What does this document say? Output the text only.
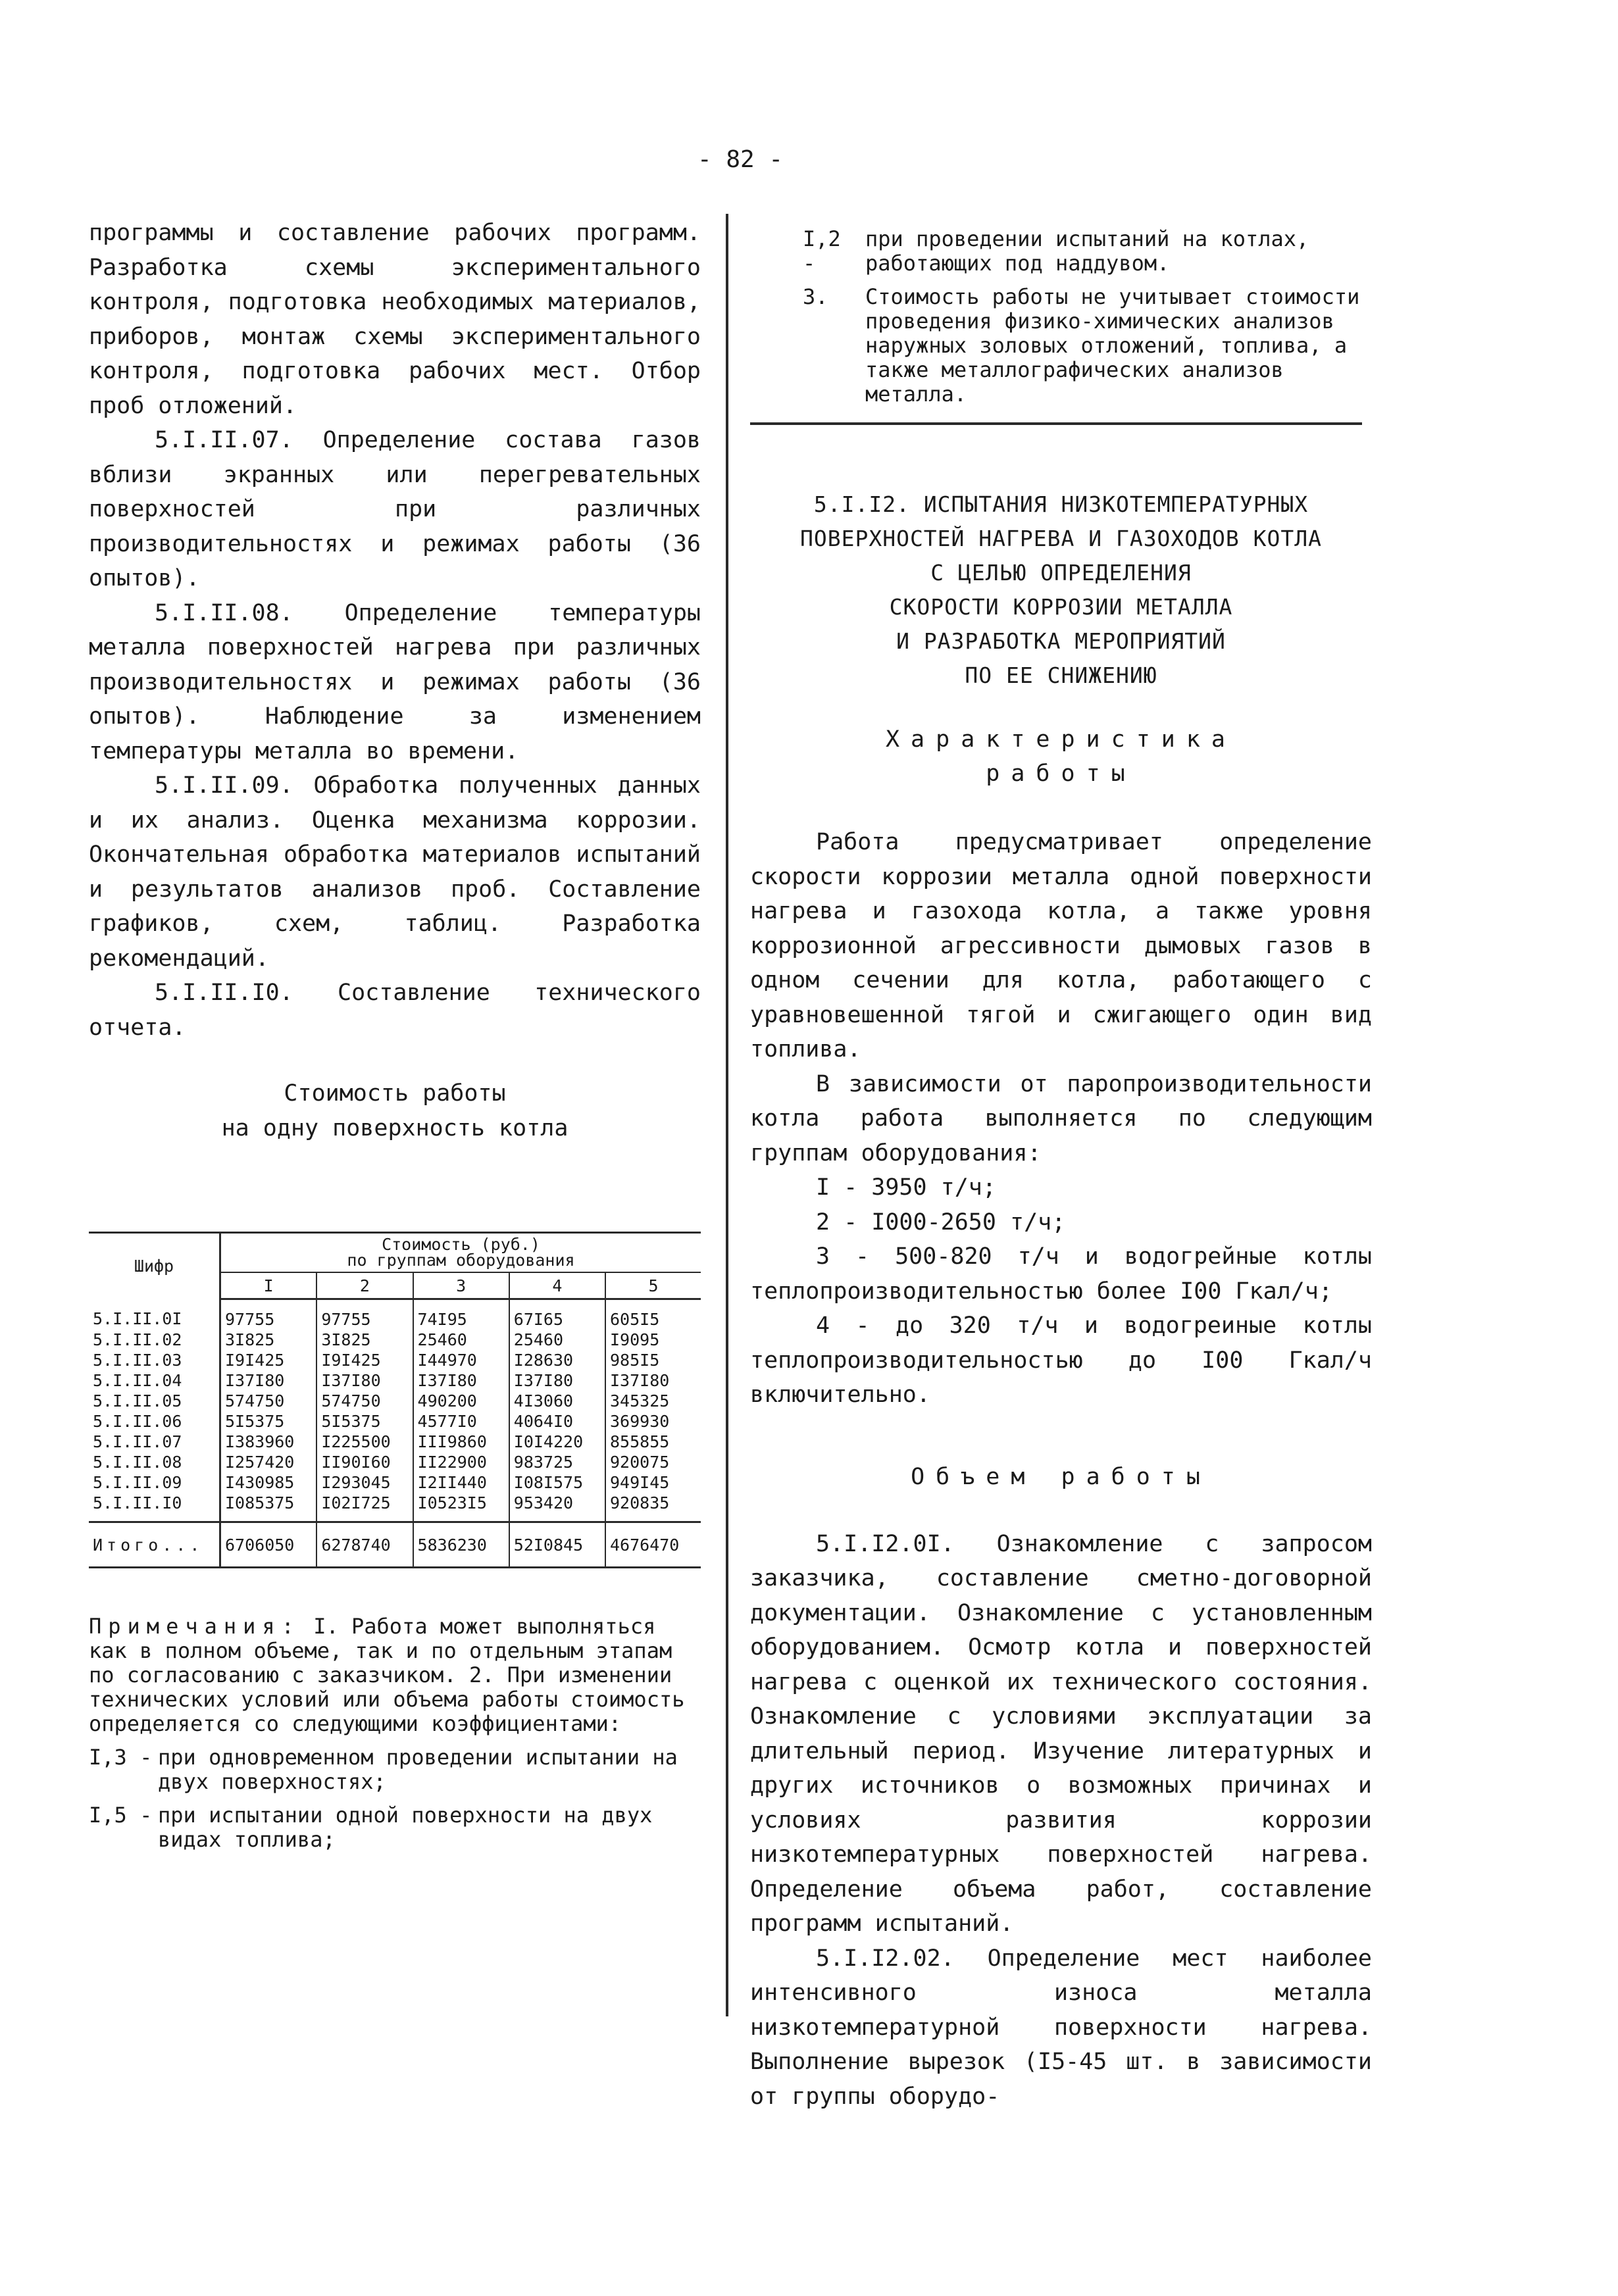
- 82 -

программы и составление рабочих программ. Разработка схемы экспериментального контроля, подготовка необходимых материалов, приборов, монтаж схемы экспериментального контроля, подготовка рабочих мест. Отбор проб отложений.

5.I.II.07. Определение состава газов вблизи экранных или перегревательных поверхностей при различных производительностях и режимах работы (36 опытов).

5.I.II.08. Определение температуры металла поверхностей нагрева при различных производительностях и режимах работы (36 опытов). Наблюдение за изменением температуры металла во времени.

5.I.II.09. Обработка полученных данных и их анализ. Оценка механизма коррозии. Окончательная обработка материалов испытаний и результатов анализов проб. Составление графиков, схем, таблиц. Разработка рекомендаций.

5.I.II.I0. Составление технического отчета.

Стоимость работы
на одну поверхность котла
Шифр	Стоимость (руб.)
по группам оборудования				

	I	2	3	4	5
5.I.II.0I	97755	97755	74I95	67I65	605I5
5.I.II.02	3I825	3I825	25460	25460	I9095
5.I.II.03	I9I425	I9I425	I44970	I28630	985I5
5.I.II.04	I37I80	I37I80	I37I80	I37I80	I37I80
5.I.II.05	574750	574750	490200	4I3060	345325
5.I.II.06	5I5375	5I5375	4577I0	4064I0	369930
5.I.II.07	I383960	I225500	III9860	I0I4220	855855
5.I.II.08	I257420	II90I60	II22900	983725	920075
5.I.II.09	I430985	I293045	I2II440	I08I575	949I45
5.I.II.I0	I085375	I02I725	I0523I5	953420	920835
Итого...	6706050	6278740	5836230	52I0845	4676470
Примечания: I. Работа может выполняться как в полном объеме, так и по отдельным этапам по согласованию с заказчиком. 2. При изменении технических условий или объема работы стоимость определяется со следующими коэффициентами:
I,3 - при одновременном проведении испытании на двух поверхностях;
I,5 - при испытании одной поверхности на двух видах топлива;
I,2 -
при проведении испытаний на котлах, работающих под наддувом.
3.	Стоимость работы не учитывает стоимости проведения физико-химических анализов наружных золовых отложений, топлива, а также металлографических анализов металла.
5.I.I2. ИСПЫТАНИЯ НИЗКОТЕМПЕРАТУРНЫХ
ПОВЕРХНОСТЕЙ НАГРЕВА И ГАЗОХОДОВ КОТЛА
С ЦЕЛЬЮ ОПРЕДЕЛЕНИЯ
СКОРОСТИ КОРРОЗИИ МЕТАЛЛА
И РАЗРАБОТКА МЕРОПРИЯТИЙ
ПО ЕЕ СНИЖЕНИЮ
Характеристика
работы

Работа предусматривает определение скорости коррозии металла одной поверхности нагрева и газохода котла, а также уровня коррозионной агрессивности дымовых газов в одном сечении для котла, работающего с уравновешенной тягой и сжигающего один вид топлива.

В зависимости от паропроизводительности котла работа выполняется по следующим группам оборудования:

I - 3950 т/ч;
2 - I000-2650 т/ч;

3 - 500-820 т/ч и водогрейные котлы теплопроизводительностью более I00 Гкал/ч;

4 - до 320 т/ч и водогреиные котлы теплопроизводительностью до I00 Гкал/ч включительно.

Объем работы

5.I.I2.0I. Ознакомление с запросом заказчика, составление сметно-договорной документации. Ознакомление с установленным оборудованием. Осмотр котла и поверхностей нагрева с оценкой их технического состояния. Ознакомление с условиями эксплуатации за длительный период. Изучение литературных и других источников о возможных причинах и условиях развития коррозии низкотемпературных поверхностей нагрева. Определение объема работ, составление программ испытаний.

5.I.I2.02. Определение мест наиболее интенсивного износа металла низкотемпературной поверхности нагрева. Выполнение вырезок (I5-45 шт. в зависимости от группы оборудо-
